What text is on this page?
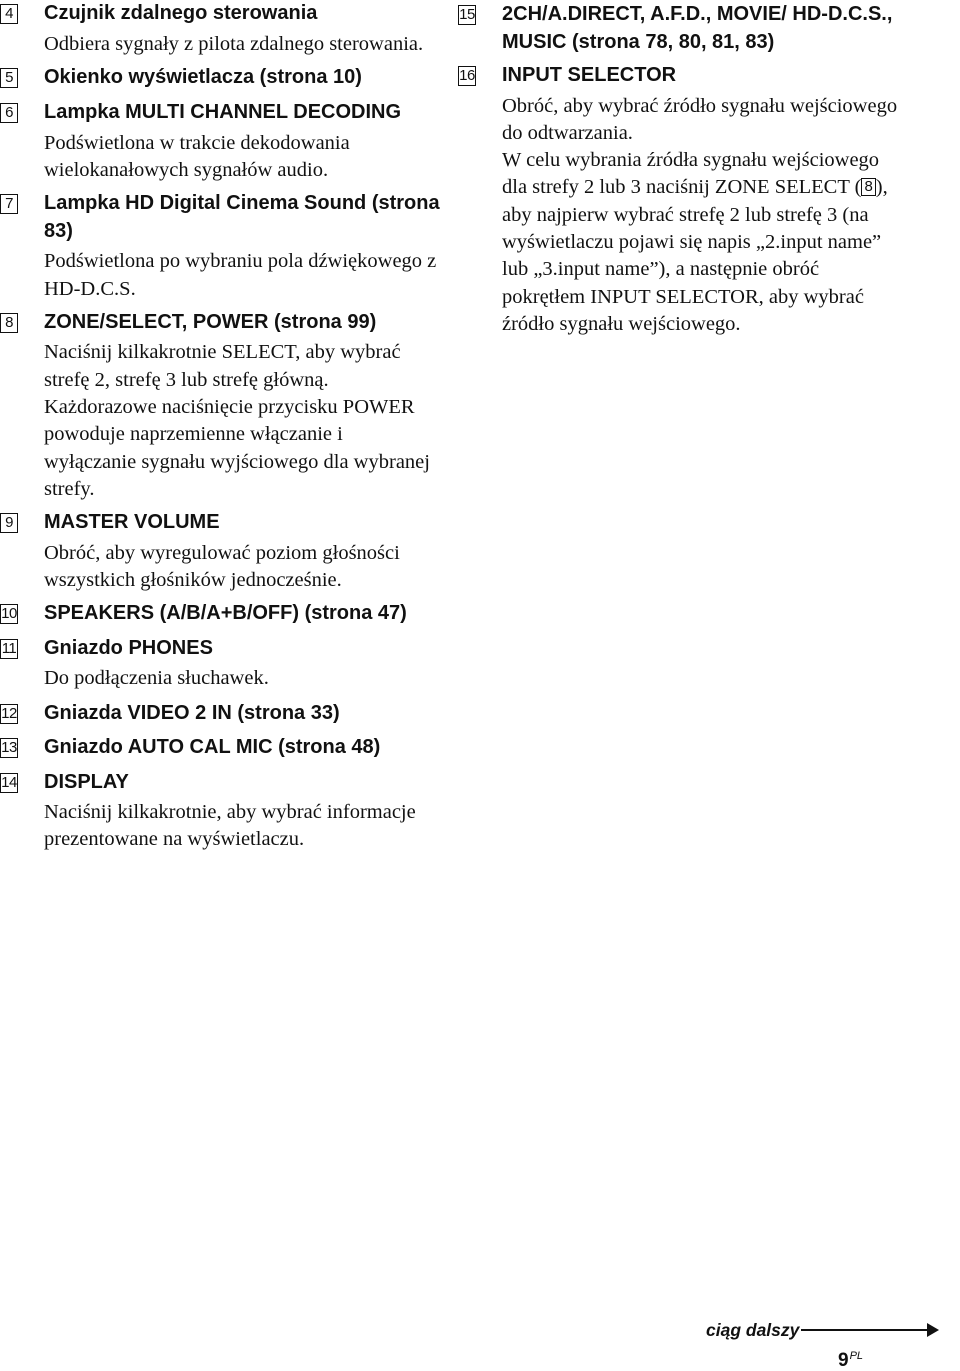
4 Czujnik zdalnego sterowania

Odbiera sygnały z pilota zdalnego sterowania.

5 Okienko wyświetlacza (strona 10)

6 Lampka MULTI CHANNEL DECODING

Podświetlona w trakcie dekodowania wielokanałowych sygnałów audio.

7 Lampka HD Digital Cinema Sound (strona 83)

Podświetlona po wybraniu pola dźwiękowego z HD-D.C.S.

8 ZONE/SELECT, POWER (strona 99)

Naciśnij kilkakrotnie SELECT, aby wybrać strefę 2, strefę 3 lub strefę główną. Każdorazowe naciśnięcie przycisku POWER powoduje naprzemienne włączanie i wyłączanie sygnału wyjściowego dla wybranej strefy.

9 MASTER VOLUME

Obróć, aby wyregulować poziom głośności wszystkich głośników jednocześnie.

10 SPEAKERS (A/B/A+B/OFF) (strona 47)

11 Gniazdo PHONES

Do podłączenia słuchawek.

12 Gniazda VIDEO 2 IN (strona 33)

13 Gniazdo AUTO CAL MIC (strona 48)

14 DISPLAY

Naciśnij kilkakrotnie, aby wybrać informacje prezentowane na wyświetlaczu.

15 2CH/A.DIRECT, A.F.D., MOVIE/ HD-D.C.S., MUSIC (strona 78, 80, 81, 83)

16 INPUT SELECTOR

Obróć, aby wybrać źródło sygnału wejściowego do odtwarzania.

W celu wybrania źródła sygnału wejściowego dla strefy 2 lub 3 naciśnij ZONE SELECT ( 8 ), aby najpierw wybrać strefę 2 lub strefę 3 (na wyświetlaczu pojawi się napis „2.input name” lub „3.input name”), a następnie obróć pokrętłem INPUT SELECTOR, aby wybrać źródło sygnału wejściowego.

ciąg dalszy
$9^{PL}$
